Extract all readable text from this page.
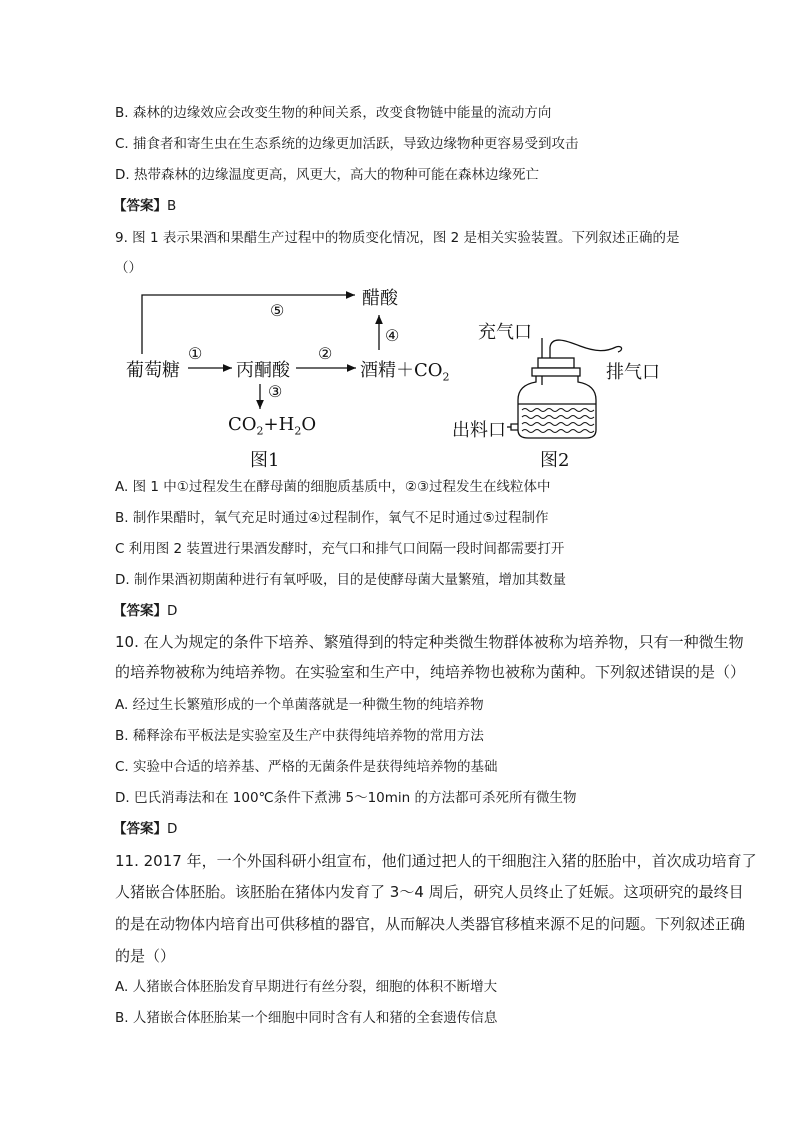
B. 森林的边缘效应会改变生物的种间关系，改变食物链中能量的流动方向
C. 捕食者和寄生虫在生态系统的边缘更加活跃，导致边缘物种更容易受到攻击
D. 热带森林的边缘温度更高，风更大，高大的物种可能在森林边缘死亡
【答案】B
9. 图 1 表示果酒和果醋生产过程中的物质变化情况，图 2 是相关实验装置。下列叙述正确的是
（）
葡萄糖	丙酮酸	酒精$+CO_2$
醋酸
$CO_2+H_2O$
①	②
③
④
⑤
图1
充气口
排气口
出料口
图2
A. 图 1 中①过程发生在酵母菌的细胞质基质中，②③过程发生在线粒体中
B. 制作果醋时，氧气充足时通过④过程制作，氧气不足时通过⑤过程制作
C 利用图 2 装置进行果酒发酵时，充气口和排气口间隔一段时间都需要打开
D. 制作果酒初期菌种进行有氧呼吸，目的是使酵母菌大量繁殖，增加其数量
【答案】D
10. 在人为规定的条件下培养、繁殖得到的特定种类微生物群体被称为培养物，只有一种微生物
的培养物被称为纯培养物。在实验室和生产中，纯培养物也被称为菌种。下列叙述错误的是（）
A. 经过生长繁殖形成的一个单菌落就是一种微生物的纯培养物
B. 稀释涂布平板法是实验室及生产中获得纯培养物的常用方法
C. 实验中合适的培养基、严格的无菌条件是获得纯培养物的基础
D. 巴氏消毒法和在 100℃条件下煮沸 5～10min 的方法都可杀死所有微生物
【答案】D
11. 2017 年，一个外国科研小组宣布，他们通过把人的干细胞注入猪的胚胎中，首次成功培育了
人猪嵌合体胚胎。该胚胎在猪体内发育了 3～4 周后，研究人员终止了妊娠。这项研究的最终目
的是在动物体内培育出可供移植的器官，从而解决人类器官移植来源不足的问题。下列叙述正确
的是（）
A. 人猪嵌合体胚胎发育早期进行有丝分裂，细胞的体积不断增大
B. 人猪嵌合体胚胎某一个细胞中同时含有人和猪的全套遗传信息
